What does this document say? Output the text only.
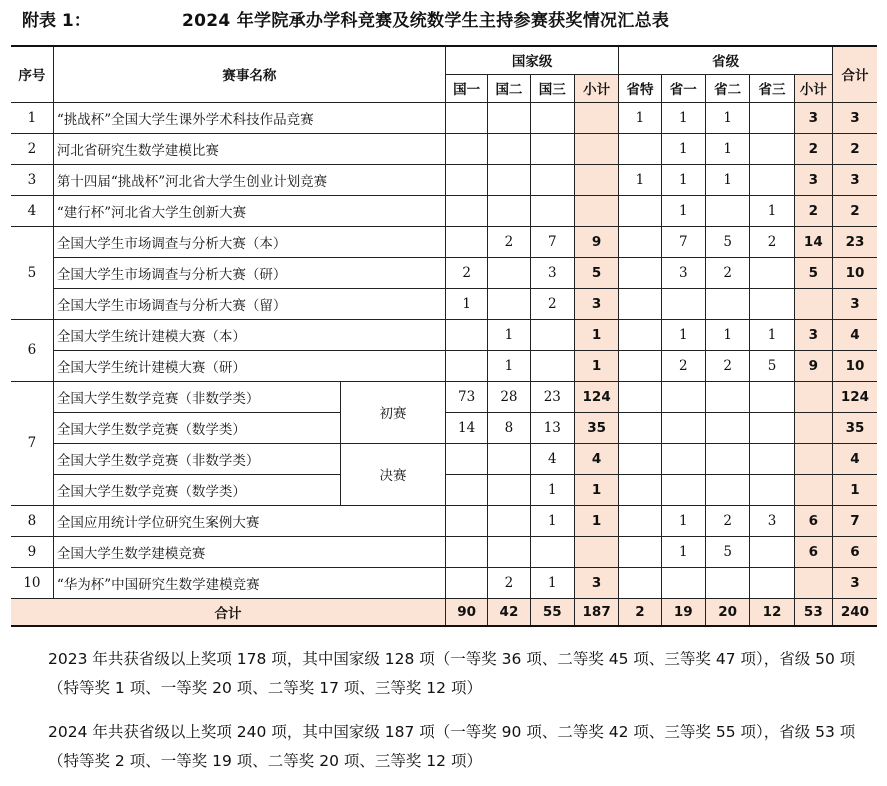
附表 1：	2024 年学院承办学科竞赛及统数学生主持参赛获奖情况汇总表
序号	赛事名称		国家级				省级					合计
			国一	国二	国三	小计	省特	省一	省二	省三	小计	
1	“挑战杯”全国大学生课外学术科技作品竞赛						1	1	1		3	3
2	河北省研究生数学建模比赛							1	1		2	2
3	第十四届“挑战杯”河北省大学生创业计划竞赛						1	1	1		3	3
4	“建行杯”河北省大学生创新大赛							1		1	2	2
5	全国大学生市场调查与分析大赛（本）			2	7	9		7	5	2	14	23
	全国大学生市场调查与分析大赛（研）		2		3	5		3	2		5	10
	全国大学生市场调查与分析大赛（留）		1		2	3						3
6	全国大学生统计建模大赛（本）			1		1		1	1	1	3	4
	全国大学生统计建模大赛（研）			1		1		2	2	5	9	10
7	全国大学生数学竞赛（非数学类）	初赛	73	28	23	124						124
	全国大学生数学竞赛（数学类）		14	8	13	35						35
	全国大学生数学竞赛（非数学类）	决赛			4	4						4
	全国大学生数学竞赛（数学类）				1	1						1
8	全国应用统计学位研究生案例大赛				1	1		1	2	3	6	7
9	全国大学生数学建模竞赛							1	5		6	6
10	“华为杯”中国研究生数学建模竞赛			2	1	3						3
合计			90	42	55	187	2	19	20	12	53	240
2023 年共获省级以上奖项 178 项，其中国家级 128 项（一等奖 36 项、二等奖 45 项、三等奖 47 项），省级 50 项（特等奖 1 项、一等奖 20 项、二等奖 17 项、三等奖 12 项）
2024 年共获省级以上奖项 240 项，其中国家级 187 项（一等奖 90 项、二等奖 42 项、三等奖 55 项），省级 53 项（特等奖 2 项、一等奖 19 项、二等奖 20 项、三等奖 12 项）
